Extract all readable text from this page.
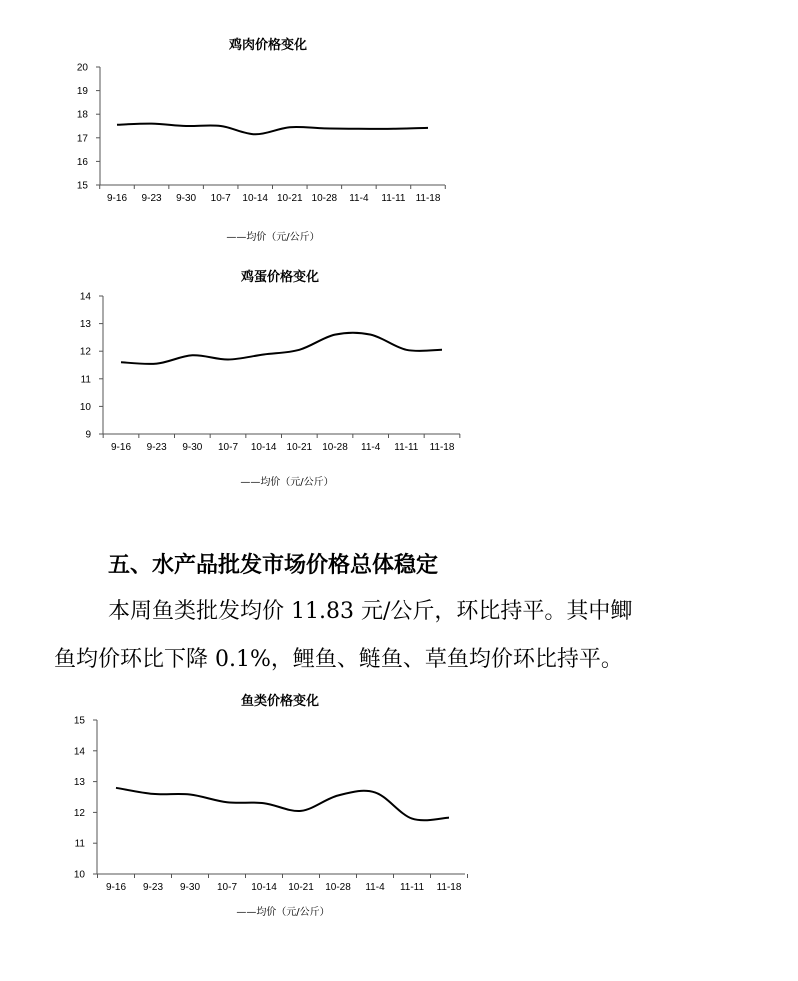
鸡肉价格变化
15
16
17
18
19
20
9-16 9-23 9-30 10-7 10-14 10-21 10-28 11-4 11-11 11-18
——均价（元/公斤）
鸡蛋价格变化
9
10
11
12
13
14
9-16 9-23 9-30 10-7 10-14 10-21 10-28 11-4 11-11 11-18
——均价（元/公斤）
五、水产品批发市场价格总体稳定

本周鱼类批发均价 11.83 元/公斤，环比持平。其中鲫
鱼均价环比下降 0.1%，鲤鱼、鲢鱼、草鱼均价环比持平。

鱼类价格变化
10
11
12
13
14
15
9-16 9-23 9-30 10-7 10-14 10-21 10-28 11-4 11-11 11-18
——均价（元/公斤）
